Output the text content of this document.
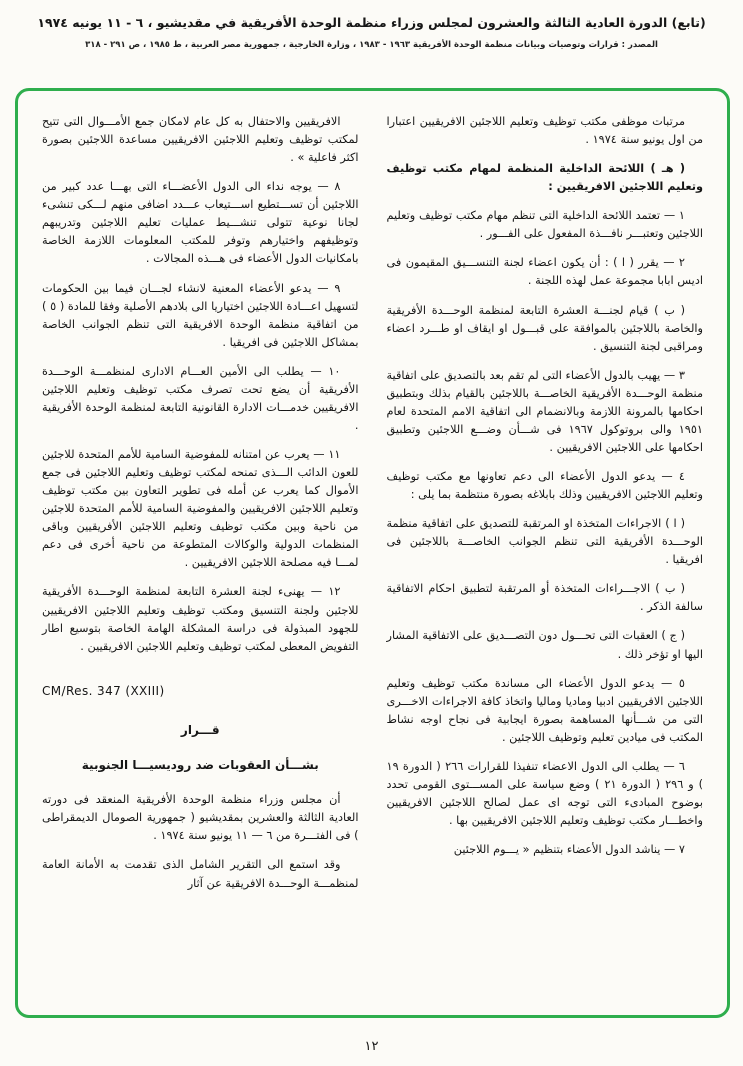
(تابع) الدورة العادية الثالثة والعشرون لمجلس وزراء منظمة الوحدة الأفريقية في مقديشيو ، ٦ - ١١ يونيه ١٩٧٤
المصدر : قرارات وتوصيات وبيانات منظمة الوحدة الأفريقية ١٩٦٣ - ١٩٨٣ ، وزارة الخارجية ، جمهورية مصر العربية ، ط ١٩٨٥ ، ص ٢٩١ - ٣١٨

مرتبات موظفى مكتب توظيف وتعليم اللاجئين الافريقيين اعتبارا من اول يونيو سنة ١٩٧٤ .

( هـ ) اللائحة الداخلية المنظمة لمهام مكتب توظيف وتعليم اللاجئين الافريقيين :

١ — تعتمد اللائحة الداخلية التى تنظم مهام مكتب توظيف وتعليم اللاجئين وتعتبـــر نافـــذة المفعول على الفـــور .

٢ — يقرر ( ا ) : أن يكون اعضاء لجنة التنســـيق المقيمون فى اديس ابابا مجموعة عمل لهذه اللجنة .

( ب ) قيام لجنـــة العشرة التابعة لمنظمة الوحـــدة الأفريقية والخاصة باللاجئين بالموافقة على قبـــول او ايقاف او طـــرد اعضاء ومراقبى لجنة التنسيق .

٣ — يهيب بالدول الأعضاء التى لم تقم بعد بالتصديق على اتفاقية منظمة الوحـــدة الأفريقية الخاصـــة باللاجئين بالقيام بذلك وبتطبيق احكامها بالمرونة اللازمة وبالانضمام الى اتفاقية الامم المتحدة لعام ١٩٥١ والى بروتوكول ١٩٦٧ فى شـــأن وضـــع اللاجئين وتطبيق احكامها على اللاجئين الافريقيين .

٤ — يدعو الدول الأعضاء الى دعم تعاونها مع مكتب توظيف وتعليم اللاجئين الافريقيين وذلك بابلاغه بصورة منتظمة بما يلى :

( ا ) الاجراءات المتخذة او المرتقبة للتصديق على اتفاقية منظمة الوحـــدة الأفريقية التى تنظم الجوانب الخاصـــة باللاجئين فى افريقيا .

( ب ) الاجـــراءات المتخذة أو المرتقبة لتطبيق احكام الاتفاقية سالفة الذكر .

( ج ) العقبات التى تحـــول دون التصـــديق على الاتفاقية المشار اليها او تؤخر ذلك .

٥ — يدعو الدول الأعضاء الى مساندة مكتب توظيف وتعليم اللاجئين الافريقيين ادبيا وماديا وماليا واتخاذ كافة الاجراءات الاخـــرى التى من شـــأنها المساهمة بصورة ايجابية فى نجاح اوجه نشاط المكتب فى ميادين تعليم وتوظيف اللاجئين .

٦ — يطلب الى الدول الاعضاء تنفيذا للقرارات ٢٦٦ ( الدورة ١٩ ) و ٢٩٦ ( الدورة ٢١ ) وضع سياسة على المســـتوى القومى تحدد بوضوح المبادىء التى توجه اى عمل لصالح اللاجئين الافريقيين واخطـــار مكتب توظيف وتعليم اللاجئين الافريقيين بها .

٧ — يناشد الدول الأعضاء بتنظيم « يـــوم اللاجئين

الافريقيين والاحتفال به كل عام لامكان جمع الأمـــوال التى تتيح لمكتب توظيف وتعليم اللاجئين الافريقيين مساعدة اللاجئين بصورة اكثر فاعلية » .

٨ — يوجه نداء الى الدول الأعضـــاء التى بهـــا عدد كبير من اللاجئين أن تســـتطيع اســـتيعاب عـــدد اضافى منهم لـــكى تنشىء لجانا نوعية تتولى تنشـــيط عمليات تعليم اللاجئين وتدريبهم وتوظيفهم واختيارهم وتوفر للمكتب المعلومات اللازمة الخاصة بامكانيات الدول الأعضاء فى هـــذه المجالات .

٩ — يدعو الأعضاء المعنية لانشاء لجـــان فيما بين الحكومات لتسهيل اعـــادة اللاجئين اختياريا الى بلادهم الأصلية وفقا للمادة ( ٥ ) من اتفاقية منظمة الوحدة الافريقية التى تنظم الجوانب الخاصة بمشاكل اللاجئين فى افريقيا .

١٠ — يطلب الى الأمين العـــام الادارى لمنظمـــة الوحـــدة الأفريقية أن يضع تحت تصرف مكتب توظيف وتعليم اللاجئين الافريقيين خدمـــات الادارة القانونية التابعة لمنظمة الوحدة الأفريقية .

١١ — يعرب عن امتنانه للمفوضية السامية للأمم المتحدة للاجئين للعون الدائب الـــذى تمنحه لمكتب توظيف وتعليم اللاجئين فى جمع الأموال كما يعرب عن أمله فى تطوير التعاون بين مكتب توظيف وتعليم اللاجئين الافريقيين والمفوضية السامية للأمم المتحدة للاجئين من ناحية وبين مكتب توظيف وتعليم اللاجئين الأفريقيين وباقى المنظمات الدولية والوكالات المتطوعة من ناحية أخرى فى دعم لمـــا فيه مصلحة اللاجئين الافريقيين .

١٢ — يهنىء لجنة العشرة التابعة لمنظمة الوحـــدة الأفريقية للاجئين ولجنة التنسيق ومكتب توظيف وتعليم اللاجئين الافريقيين للجهود المبذولة فى دراسة المشكلة الهامة الخاصة بتوسيع اطار التفويض المعطى لمكتب توظيف وتعليم اللاجئين الافريقيين .

CM/Res. 347 (XXIII)

قـــرار

بشـــأن العقوبات ضد روديسيـــا الجنوبية

أن مجلس وزراء منظمة الوحدة الأفريقية المنعقد فى دورته العادية الثالثة والعشرين بمقديشيو ( جمهورية الصومال الديمقراطى ) فى الفتـــرة من ٦ — ١١ يونيو سنة ١٩٧٤ .

وقد استمع الى التقرير الشامل الذى تقدمت به الأمانة العامة لمنظمـــة الوحـــدة الافريقية عن آثار

١٢
